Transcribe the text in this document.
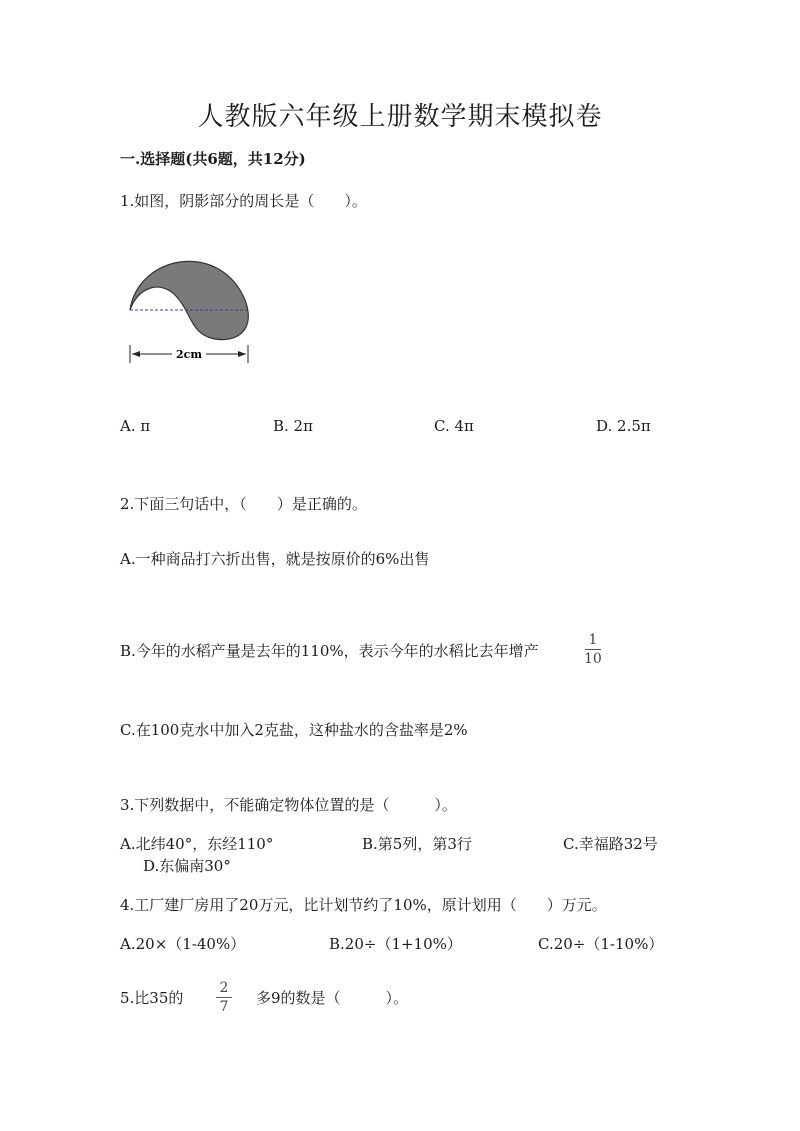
人教版六年级上册数学期末模拟卷
一.选择题(共6题，共12分)
1.如图，阴影部分的周长是（　　）。
2cm
A. π	B. 2π	C. 4π	D. 2.5π
2.下面三句话中，（　　）是正确的。
A.一种商品打六折出售，就是按原价的6%出售
B.今年的水稻产量是去年的110%，表示今年的水稻比去年增产
1
10
C.在100克水中加入2克盐，这种盐水的含盐率是2%
3.下列数据中，不能确定物体位置的是（　　　）。
A.北纬40°，东经110°	B.第5列，第3行	C.幸福路32号
D.东偏南30°
4.工厂建厂房用了20万元，比计划节约了10%，原计划用（　　）万元。
A.20×（1-40%）	B.20÷（1+10%）	C.20÷（1-10%）
5.比35的
2
7 多9的数是（　　　）。
